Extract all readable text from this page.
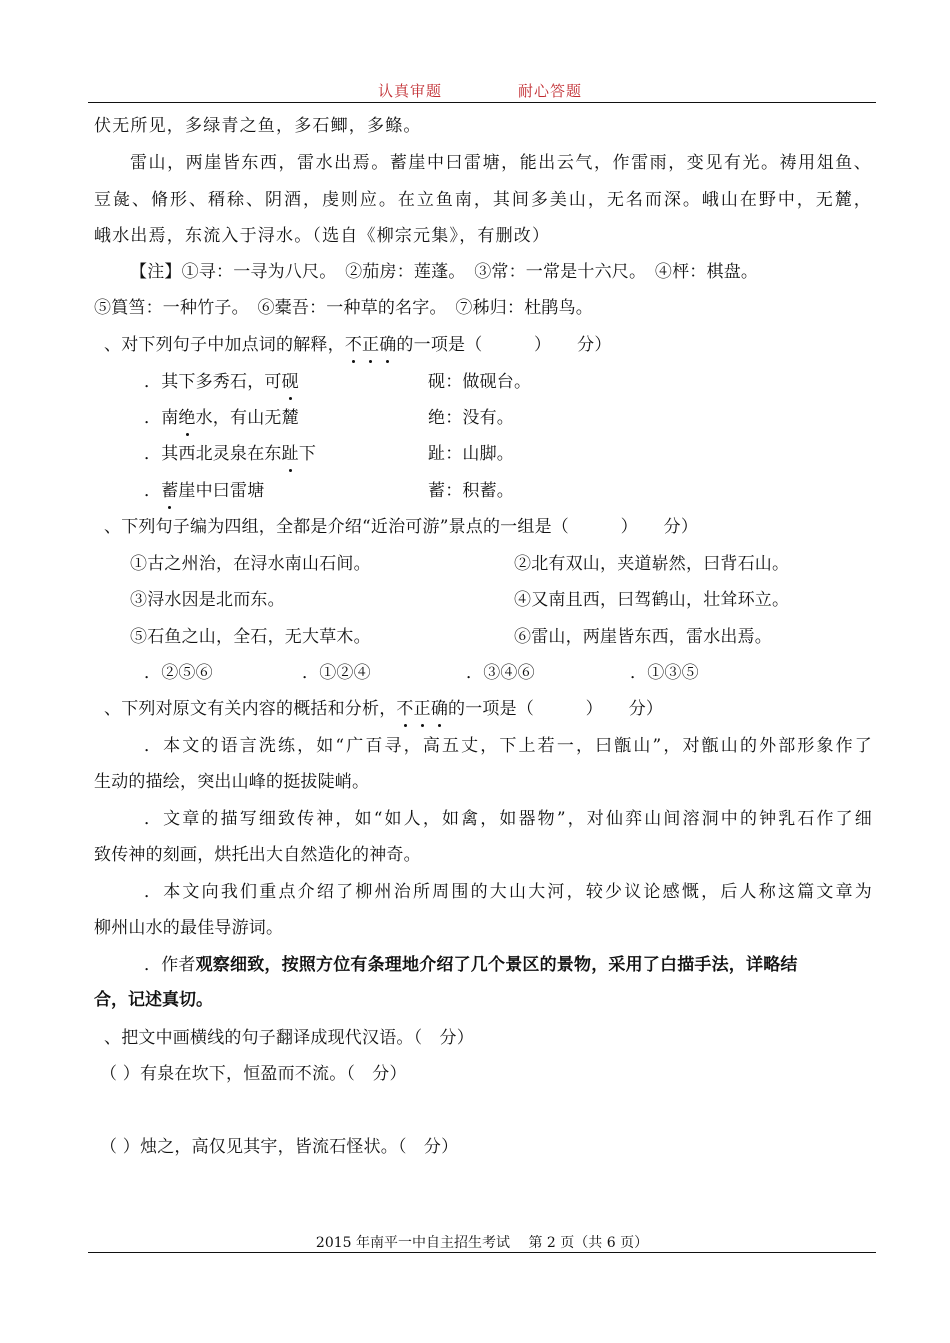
认真审题	耐心答题
伏无所见，多绿青之鱼，多石鲫，多鲦。
雷山，两崖皆东西，雷水出焉。蓄崖中曰雷塘，能出云气，作雷雨，变见有光。祷用俎鱼、
豆彘、脩形、稰稌、阴酒，虔则应。在立鱼南，其间多美山，无名而深。峨山在野中，无麓，
峨水出焉，东流入于浔水。（选自《柳宗元集》，有删改）
【注】①寻：一寻为八尺。　②茄房：莲蓬。　③常：一常是十六尺。　④枰：棋盘。
⑤篔筜：一种竹子。　⑥橐吾：一种草的名字。　⑦秭归：杜鹃鸟。
、对下列句子中加点词的解释，不正确的一项是（　　　）　　分）
．其下多秀石，可砚	砚：做砚台。
．南绝水，有山无麓	绝：没有。
．其西北灵泉在东趾下	趾：山脚。
．蓄崖中曰雷塘	蓄：积蓄。
、下列句子编为四组，全都是介绍“近治可游”景点的一组是（　　　）　　分）
①古之州治，在浔水南山石间。	②北有双山，夹道崭然，曰背石山。
③浔水因是北而东。	④又南且西，曰驾鹤山，壮耸环立。
⑤石鱼之山，全石，无大草木。	⑥雷山，两崖皆东西，雷水出焉。
．②⑤⑥	．①②④	．③④⑥	．①③⑤
、下列对原文有关内容的概括和分析，不正确的一项是（　　　）　　分）
．本文的语言洗练，如“广百寻，高五丈，下上若一，曰甑山”，对甑山的外部形象作了
生动的描绘，突出山峰的挺拔陡峭。
．文章的描写细致传神，如“如人，如禽，如器物”，对仙弈山间溶洞中的钟乳石作了细
致传神的刻画，烘托出大自然造化的神奇。
．本文向我们重点介绍了柳州治所周围的大山大河，较少议论感慨，后人称这篇文章为
柳州山水的最佳导游词。
．作者观察细致，按照方位有条理地介绍了几个景区的景物，采用了白描手法，详略结
合，记述真切。
、把文中画横线的句子翻译成现代汉语。（　分）
（ ）有泉在坎下，恒盈而不流。（　分）
（ ）烛之，高仅见其宇，皆流石怪状。（　分）
2015 年南平一中自主招生考试　 第 2 页（共 6 页）
